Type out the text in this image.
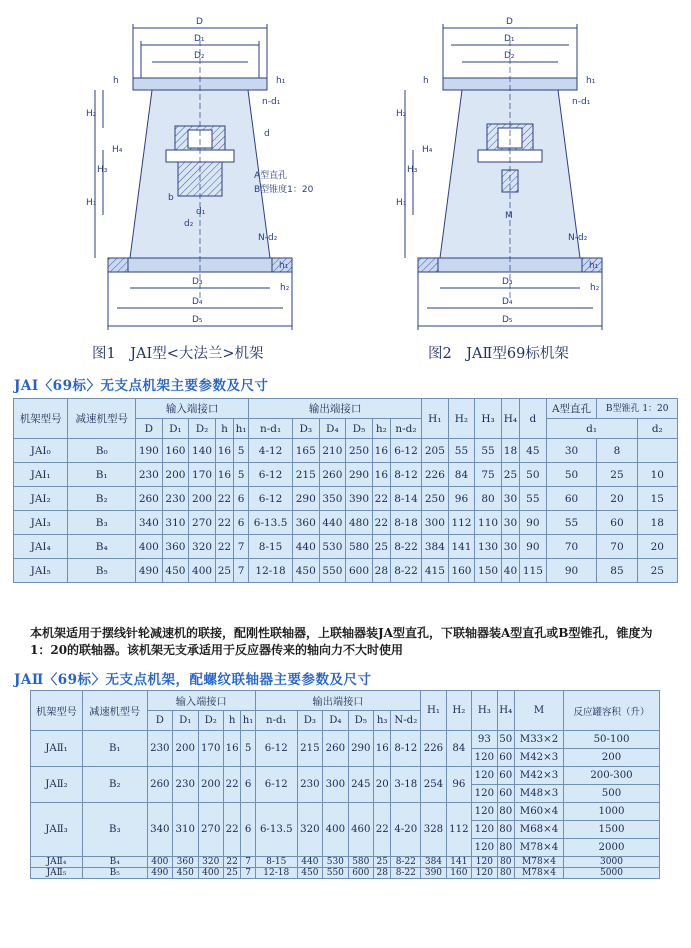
D
D₁
D₂
h	h₁
n-d₁
d
H₂
H₄
H₃
H₁	b
d₁
d₂
A型直孔
B型锥度1：20
N-d₂
h₁
h₂
D₃
D₄
D₅
D
D₁
D₂
h	h₁
n-d₁
H₂
H₄
H₃
H₁
M
N-d₂
h₁
h₂
D₃
D₄
D₅
图1　JAⅠ型<大法兰>机架	图2　JAⅡ型69标机架
JAⅠ〈69标〉无支点机架主要参数及尺寸
机架型号	减速机型号	输入端接口					输出端接口						H₁	H₂	H₃	H₄	d	A型直孔	B型锥孔 1：20	
		D	D₁	D₂	h	h₁	n-d₁	D₃	D₄	D₅	h₂	n-d₂						d₁		d₂
JAⅠ₀	B₀	190	160	140	16	5	4-12	165	210	250	16	6-12	205	55	55	18	45	30	8	
JAⅠ₁	B₁	230	200	170	16	5	6-12	215	260	290	16	8-12	226	84	75	25	50	50	25	10
JAⅠ₂	B₂	260	230	200	22	6	6-12	290	350	390	22	8-14	250	96	80	30	55	60	20	15
JAⅠ₃	B₃	340	310	270	22	6	6-13.5	360	440	480	22	8-18	300	112	110	30	90	55	60	18
JAⅠ₄	B₄	400	360	320	22	7	8-15	440	530	580	25	8-22	384	141	130	30	90	70	70	20
JAⅠ₅	B₅	490	450	400	25	7	12-18	450	550	600	28	8-22	415	160	150	40	115	90	85	25
本机架适用于摆线针轮减速机的联接，配刚性联轴器，上联轴器装JA型直孔，下联轴器装A型直孔或B型锥孔，锥度为1：20的联轴器。该机架无支承适用于反应器传来的轴向力不大时使用
JAⅡ〈69标〉无支点机架，配螺纹联轴器主要参数及尺寸
机架型号	减速机型号	输入端接口					输出端接口						H₁	H₂	H₃	H₄	M	反应罐容积（升）
		D	D₁	D₂	h	h₁	n-d₁	D₃	D₄	D₅	h₃	N-d₂						
JAⅡ₁	B₁	230	200	170	16	5	6-12	215	260	290	16	8-12	226	84	93	50	M33×2	50-100
															120	60	M42×3	200
JAⅡ₂	B₂	260	230	200	22	6	6-12	230	300	245	20	3-18	254	96	120	60	M42×3	200-300
															120	60	M48×3	500
JAⅡ₃	B₃	340	310	270	22	6	6-13.5	320	400	460	22	4-20	328	112	120	80	M60×4	1000
															120	80	M68×4	1500
															120	80	M78×4	2000
JAⅡ₄	B₄	400	360	320	22	7	8-15	440	530	580	25	8-22	384	141	120	80	M78×4	3000
JAⅡ₅	B₅	490	450	400	25	7	12-18	450	550	600	28	8-22	390	160	120	80	M78×4	5000
